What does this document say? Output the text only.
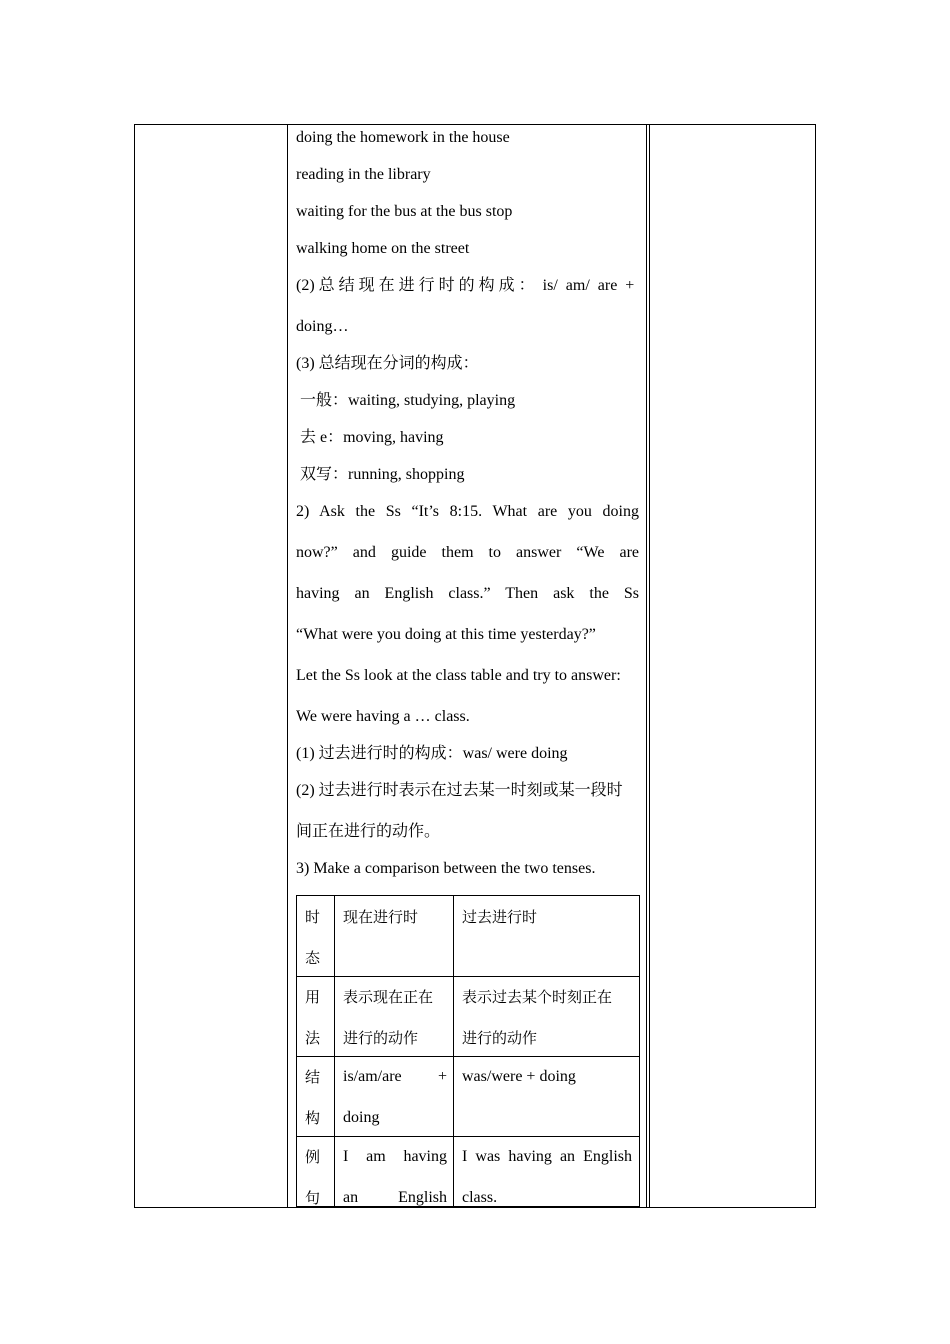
doing the homework in the house
reading in the library
waiting for the bus at the bus stop
walking home on the street
(2) 总 结 现 在 进 行 时 的 构 成 ：  is/  am/  are  +
doing…
(3) 总结现在分词的构成：
一般：waiting, studying, playing
去 e：moving, having
双写：running, shopping
2) Ask the Ss “It’s 8:15. What are you doing
now?” and guide them to answer “We are
having an English class.” Then ask the Ss
“What were you doing at this time yesterday?”
Let the Ss look at the class table and try to answer:
We were having a … class.
(1) 过去进行时的构成：was/ were doing
(2) 过去进行时表示在过去某一时刻或某一段时
间正在进行的动作。
3) Make a comparison between the two tenses.
时
态
现在进行时	过去进行时
用
法
表示现在正在
进行的动作
表示过去某个时刻正在
进行的动作
结
构
is/am/are +
doing
was/were + doing
例
句
I am having
an	English
I was having an English
class.
